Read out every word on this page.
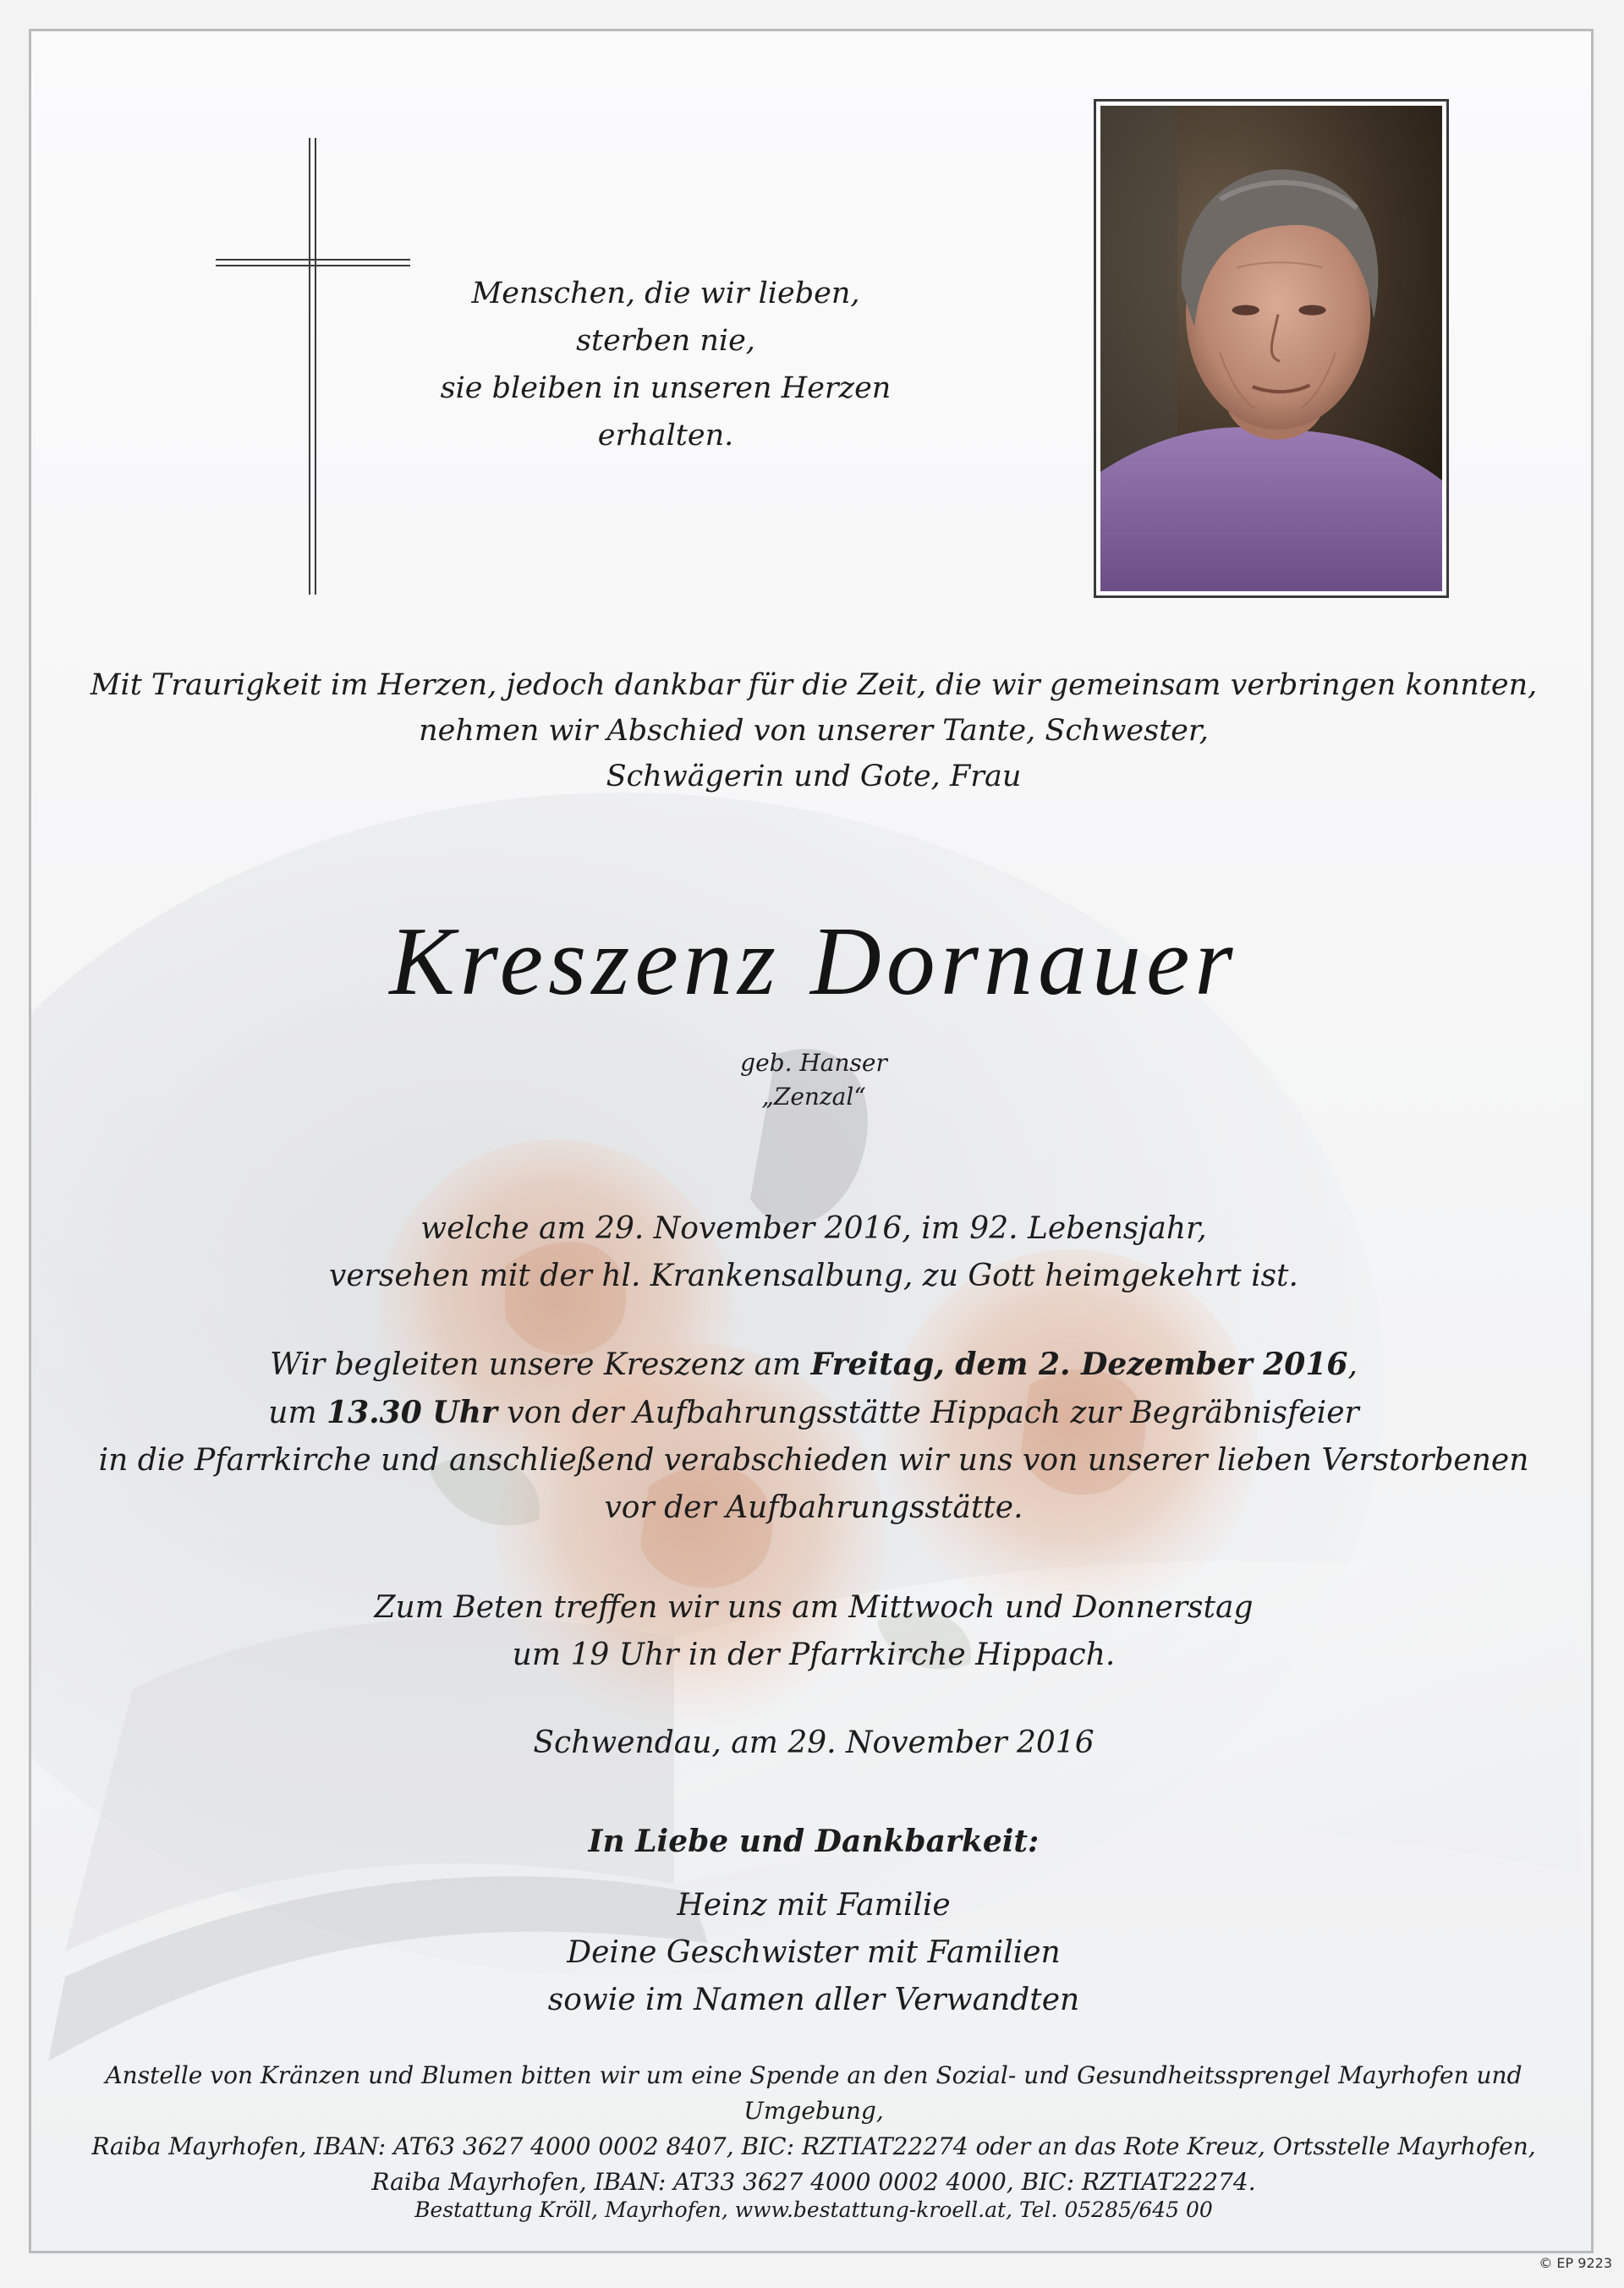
Menschen, die wir lieben,
sterben nie,
sie bleiben in unseren Herzen
erhalten.
Mit Traurigkeit im Herzen, jedoch dankbar für die Zeit, die wir gemeinsam verbringen konnten,
nehmen wir Abschied von unserer Tante, Schwester,
Schwägerin und Gote, Frau
Kreszenz Dornauer
geb. Hanser
„Zenzal“
welche am 29. November 2016, im 92. Lebensjahr,
versehen mit der hl. Krankensalbung, zu Gott heimgekehrt ist.
Wir begleiten unsere Kreszenz am Freitag, dem 2. Dezember 2016,
um 13.30 Uhr von der Aufbahrungsstätte Hippach zur Begräbnisfeier
in die Pfarrkirche und anschließend verabschieden wir uns von unserer lieben Verstorbenen
vor der Aufbahrungsstätte.
Zum Beten treffen wir uns am Mittwoch und Donnerstag
um 19 Uhr in der Pfarrkirche Hippach.
Schwendau, am 29. November 2016
In Liebe und Dankbarkeit:
Heinz mit Familie
Deine Geschwister mit Familien
sowie im Namen aller Verwandten
Anstelle von Kränzen und Blumen bitten wir um eine Spende an den Sozial- und Gesundheitssprengel Mayrhofen und Umgebung,
Raiba Mayrhofen, IBAN: AT63 3627 4000 0002 8407, BIC: RZTIAT22274 oder an das Rote Kreuz, Ortsstelle Mayrhofen,
Raiba Mayrhofen, IBAN: AT33 3627 4000 0002 4000, BIC: RZTIAT22274.
Bestattung Kröll, Mayrhofen, www.bestattung-kroell.at, Tel. 05285/645 00
© EP 9223
